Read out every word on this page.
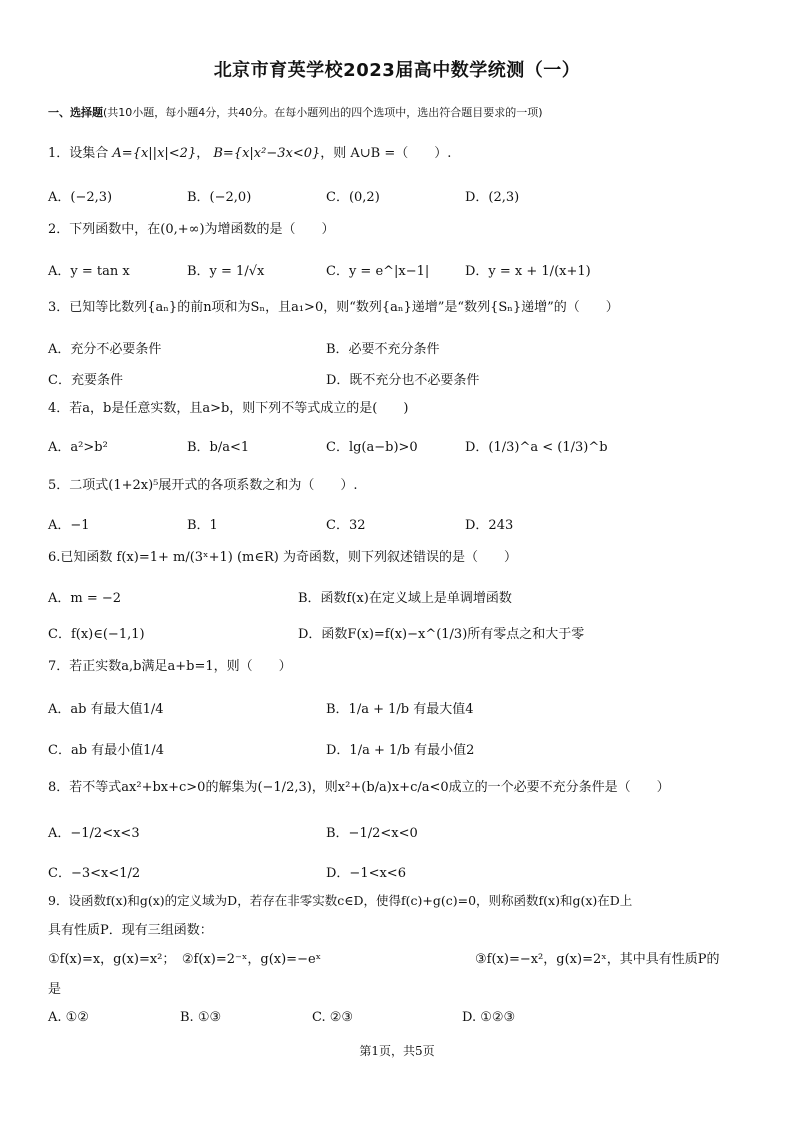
北京市育英学校2023届高中数学统测（一）
一、选择题(共10小题，每小题4分，共40分。在每小题列出的四个选项中，选出符合题目要求的一项)
1．设集合 A={x||x|<2}， B={x|x²−3x<0}，则 A∪B =（　　）.
A．(−2,3)	B．(−2,0)	C．(0,2)	D．(2,3)
2．下列函数中，在(0,+∞)为增函数的是（　　）
A．y = tan x	B．y = 1/√x	C．y = e^|x−1|	D．y = x + 1/(x+1)
3．已知等比数列{aₙ}的前n项和为Sₙ，且a₁>0，则“数列{aₙ}递增”是“数列{Sₙ}递增”的（　　）
A．充分不必要条件	B．必要不充分条件
C．充要条件	D．既不充分也不必要条件
4．若a，b是任意实数，且a>b，则下列不等式成立的是(　　)
A．a²>b²	B．b/a<1	C．lg(a−b)>0	D．(1/3)^a < (1/3)^b
5．二项式(1+2x)⁵展开式的各项系数之和为（　　）.
A．−1	B．1	C．32	D．243
6.已知函数 f(x)=1+ m/(3ˣ+1) (m∈R) 为奇函数，则下列叙述错误的是（　　）
A．m = −2	B．函数f(x)在定义域上是单调增函数
C．f(x)∈(−1,1)	D．函数F(x)=f(x)−x^(1/3)所有零点之和大于零
7．若正实数a,b满足a+b=1，则（　　）
A．ab 有最大值1/4	B．1/a + 1/b 有最大值4
C．ab 有最小值1/4	D．1/a + 1/b 有最小值2
8．若不等式ax²+bx+c>0的解集为(−1/2,3)，则x²+(b/a)x+c/a<0成立的一个必要不充分条件是（　　）
A．−1/2<x<3	B．−1/2<x<0
C．−3<x<1/2	D．−1<x<6
9．设函数f(x)和g(x)的定义域为D，若存在非零实数c∈D，使得f(c)+g(c)=0，则称函数f(x)和g(x)在D上
具有性质P．现有三组函数：
①f(x)=x，g(x)=x²；　②f(x)=2⁻ˣ，g(x)=−eˣ	③f(x)=−x²，g(x)=2ˣ，其中具有性质P的
是
A. ①②	B. ①③	C. ②③	D. ①②③
第1页，共5页
